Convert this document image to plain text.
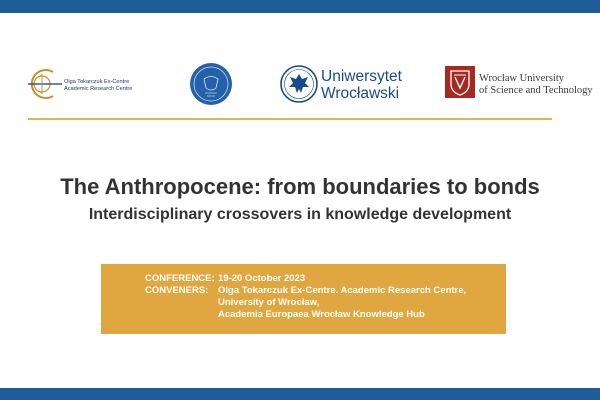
Olga Tokarczuk Ex-Centre
Academic Research Centre
Uniwersytet
Wrocławski
Wrocław University
of Science and Technology
The Anthropocene: from boundaries to bonds
Interdisciplinary crossovers in knowledge development
CONFERENCE: 19-20 October 2023
CONVENERS:	Olga Tokarczuk Ex-Centre. Academic Research Centre,
University of Wrocław,
Academia Europaea Wrocław Knowledge Hub
